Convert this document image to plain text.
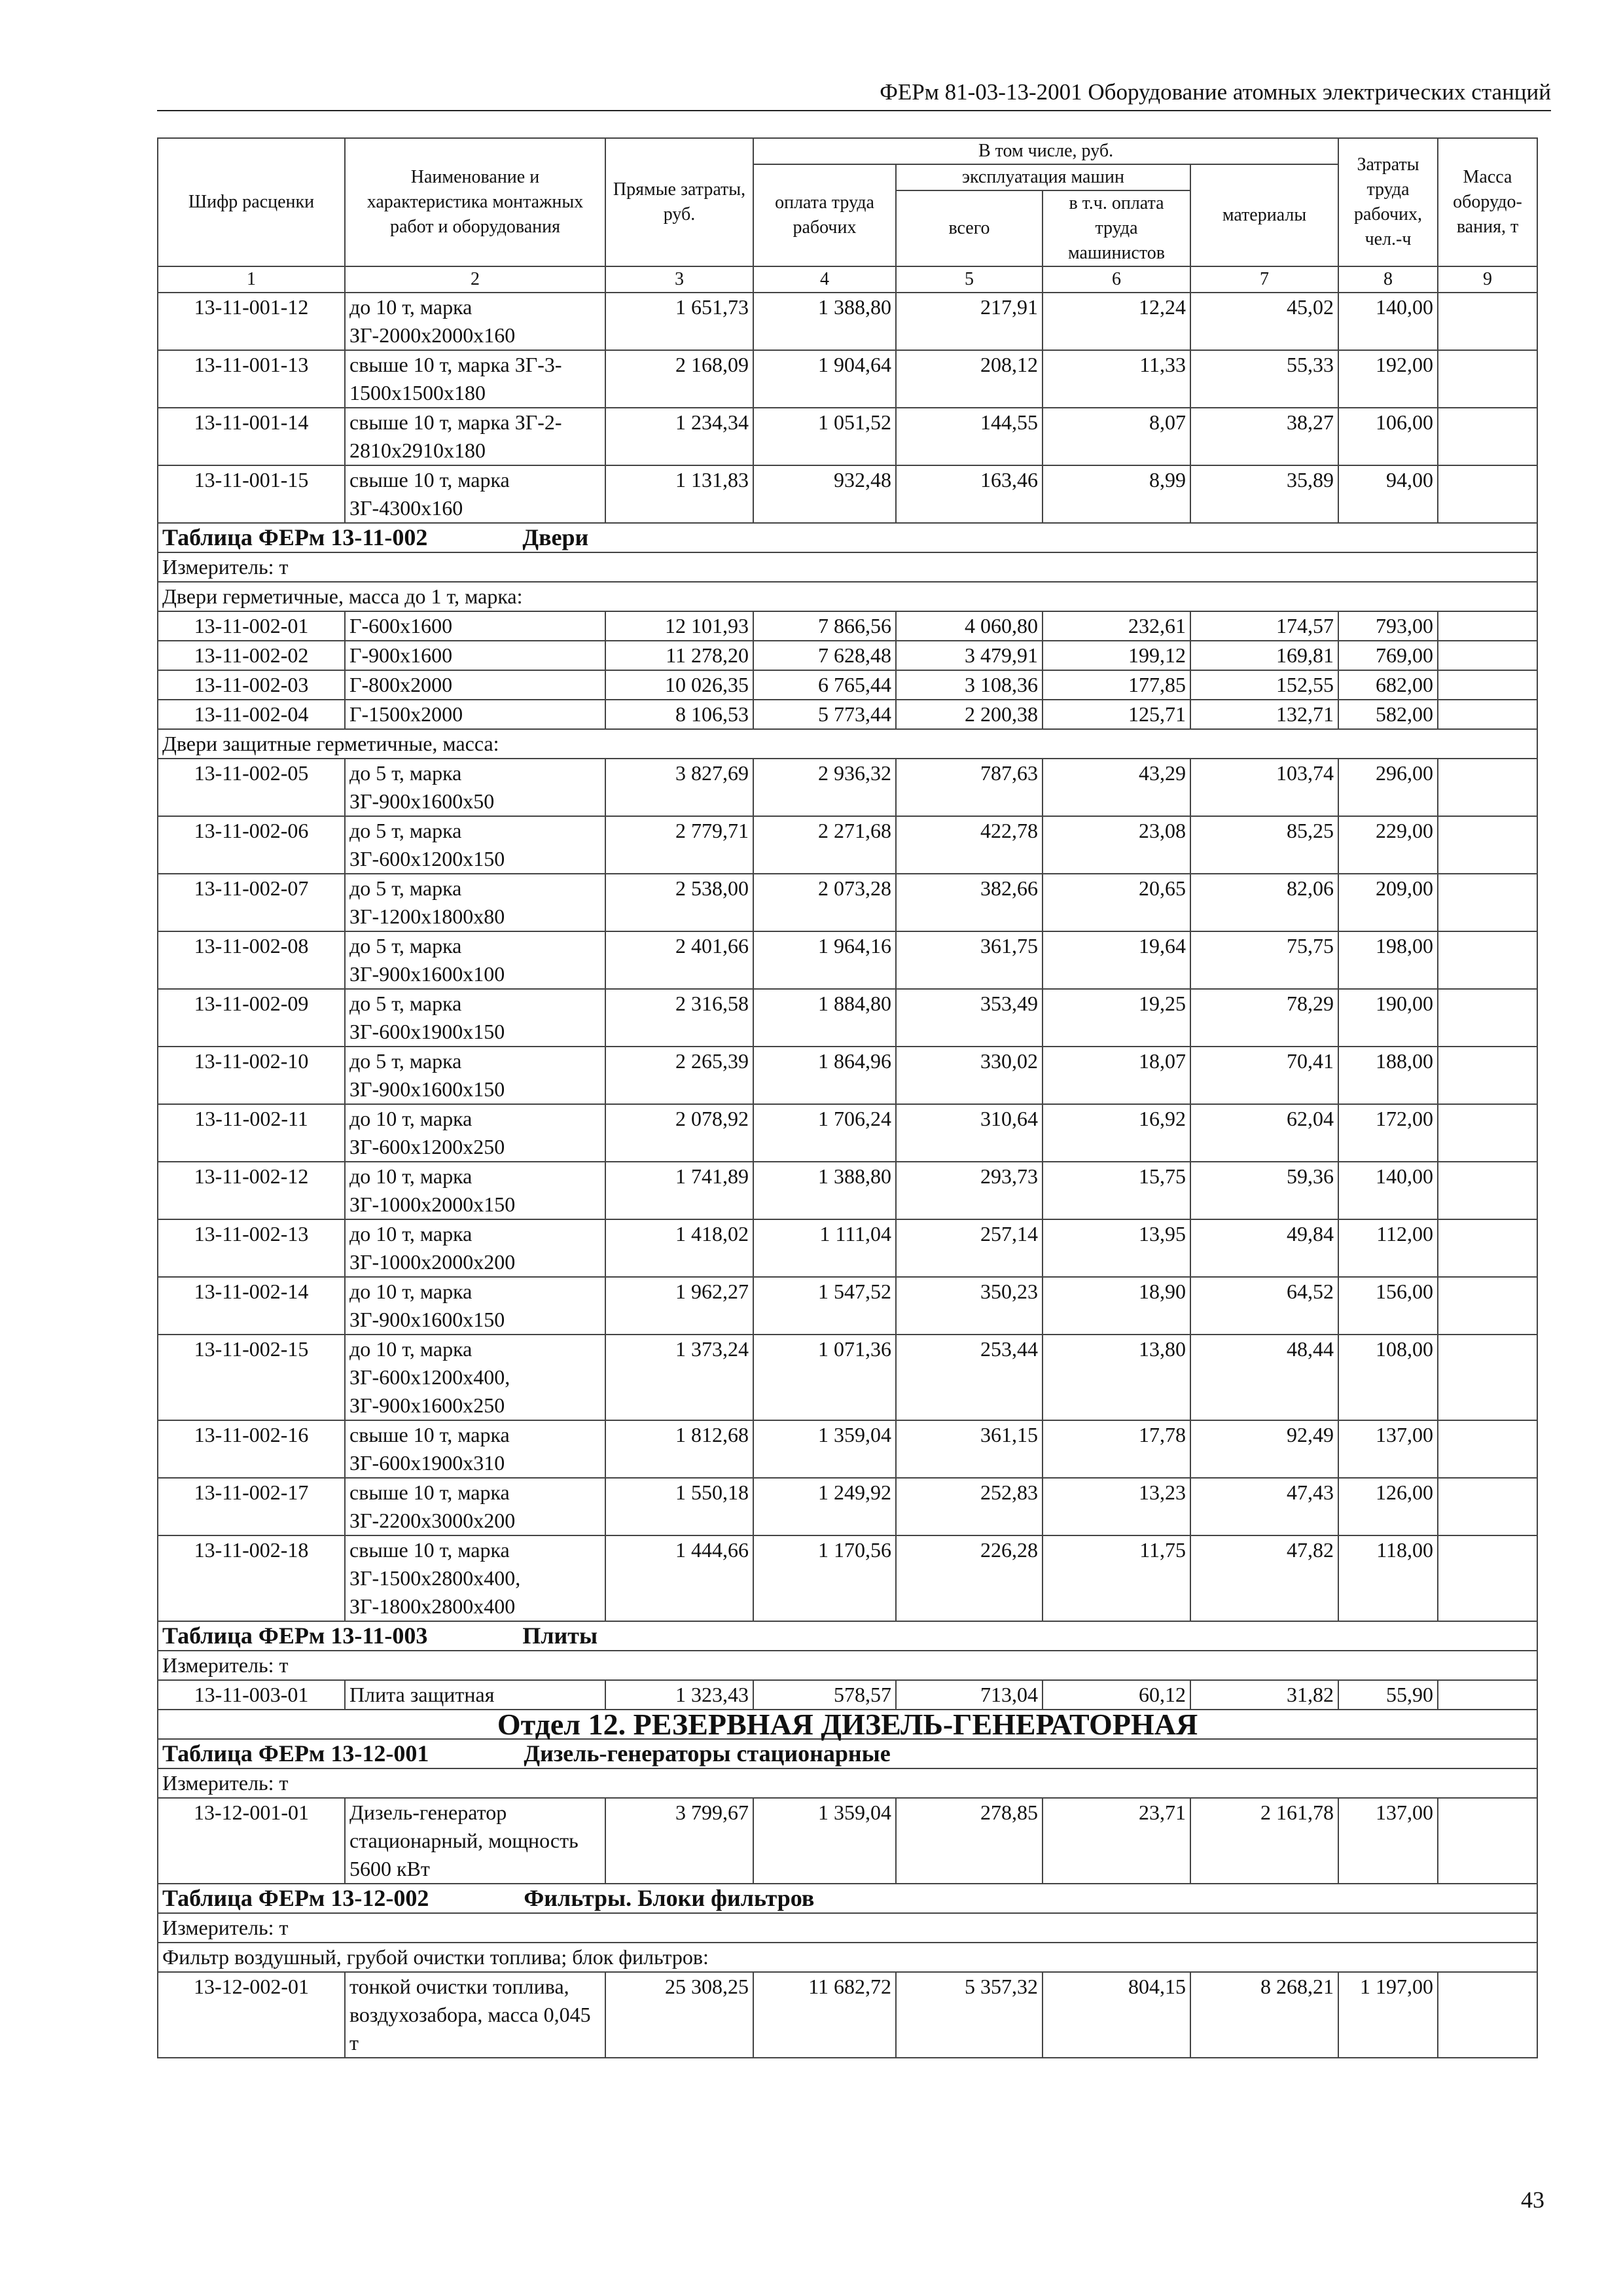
ФЕРм 81-03-13-2001 Оборудование атомных электрических станций
Шифр расценки	Наименование и характеристика монтажных работ и оборудования	Прямые затраты, руб.	В том числе, руб.				Затраты труда рабочих, чел.-ч	Масса оборудо-вания, т
			оплата труда рабочих	эксплуатация машин		материалы		
				всего	в т.ч. оплата труда машинистов			
1	2	3	4	5	6	7	8	9
13-11-001-12	до 10 т, марка ЗГ-2000х2000х160	1 651,73	1 388,80	217,91	12,24	45,02	140,00	
13-11-001-13	свыше 10 т, марка ЗГ-3-1500х1500х180	2 168,09	1 904,64	208,12	11,33	55,33	192,00	
13-11-001-14	свыше 10 т, марка ЗГ-2-2810х2910х180	1 234,34	1 051,52	144,55	8,07	38,27	106,00	
13-11-001-15	свыше 10 т, марка ЗГ-4300х160	1 131,83	932,48	163,46	8,99	35,89	94,00	
Таблица ФЕРм 13-11-002 Двери								
Измеритель: т								
Двери герметичные, масса до 1 т, марка:								
13-11-002-01	Г-600х1600	12 101,93	7 866,56	4 060,80	232,61	174,57	793,00	
13-11-002-02	Г-900х1600	11 278,20	7 628,48	3 479,91	199,12	169,81	769,00	
13-11-002-03	Г-800х2000	10 026,35	6 765,44	3 108,36	177,85	152,55	682,00	
13-11-002-04	Г-1500х2000	8 106,53	5 773,44	2 200,38	125,71	132,71	582,00	
Двери защитные герметичные, масса:								
13-11-002-05	до 5 т, марка ЗГ-900х1600х50	3 827,69	2 936,32	787,63	43,29	103,74	296,00	
13-11-002-06	до 5 т, марка ЗГ-600х1200х150	2 779,71	2 271,68	422,78	23,08	85,25	229,00	
13-11-002-07	до 5 т, марка ЗГ-1200х1800х80	2 538,00	2 073,28	382,66	20,65	82,06	209,00	
13-11-002-08	до 5 т, марка ЗГ-900х1600х100	2 401,66	1 964,16	361,75	19,64	75,75	198,00	
13-11-002-09	до 5 т, марка ЗГ-600х1900х150	2 316,58	1 884,80	353,49	19,25	78,29	190,00	
13-11-002-10	до 5 т, марка ЗГ-900х1600х150	2 265,39	1 864,96	330,02	18,07	70,41	188,00	
13-11-002-11	до 10 т, марка ЗГ-600х1200х250	2 078,92	1 706,24	310,64	16,92	62,04	172,00	
13-11-002-12	до 10 т, марка ЗГ-1000х2000х150	1 741,89	1 388,80	293,73	15,75	59,36	140,00	
13-11-002-13	до 10 т, марка ЗГ-1000х2000х200	1 418,02	1 111,04	257,14	13,95	49,84	112,00	
13-11-002-14	до 10 т, марка ЗГ-900х1600х150	1 962,27	1 547,52	350,23	18,90	64,52	156,00	
13-11-002-15	до 10 т, марка ЗГ-600х1200х400, ЗГ-900х1600х250	1 373,24	1 071,36	253,44	13,80	48,44	108,00	
13-11-002-16	свыше 10 т, марка ЗГ-600х1900х310	1 812,68	1 359,04	361,15	17,78	92,49	137,00	
13-11-002-17	свыше 10 т, марка ЗГ-2200х3000х200	1 550,18	1 249,92	252,83	13,23	47,43	126,00	
13-11-002-18	свыше 10 т, марка ЗГ-1500х2800х400, ЗГ-1800х2800х400	1 444,66	1 170,56	226,28	11,75	47,82	118,00	
Таблица ФЕРм 13-11-003 Плиты								
Измеритель: т								
13-11-003-01	Плита защитная	1 323,43	578,57	713,04	60,12	31,82	55,90	
Отдел 12. РЕЗЕРВНАЯ ДИЗЕЛЬ-ГЕНЕРАТОРНАЯ								
Таблица ФЕРм 13-12-001 Дизель-генераторы стационарные								
Измеритель: т								
13-12-001-01	Дизель-генератор стационарный, мощность 5600 кВт	3 799,67	1 359,04	278,85	23,71	2 161,78	137,00	
Таблица ФЕРм 13-12-002 Фильтры. Блоки фильтров								
Измеритель: т								
Фильтр воздушный, грубой очистки топлива; блок фильтров:								
13-12-002-01	тонкой очистки топлива, воздухозабора, масса 0,045 т	25 308,25	11 682,72	5 357,32	804,15	8 268,21	1 197,00	
43
